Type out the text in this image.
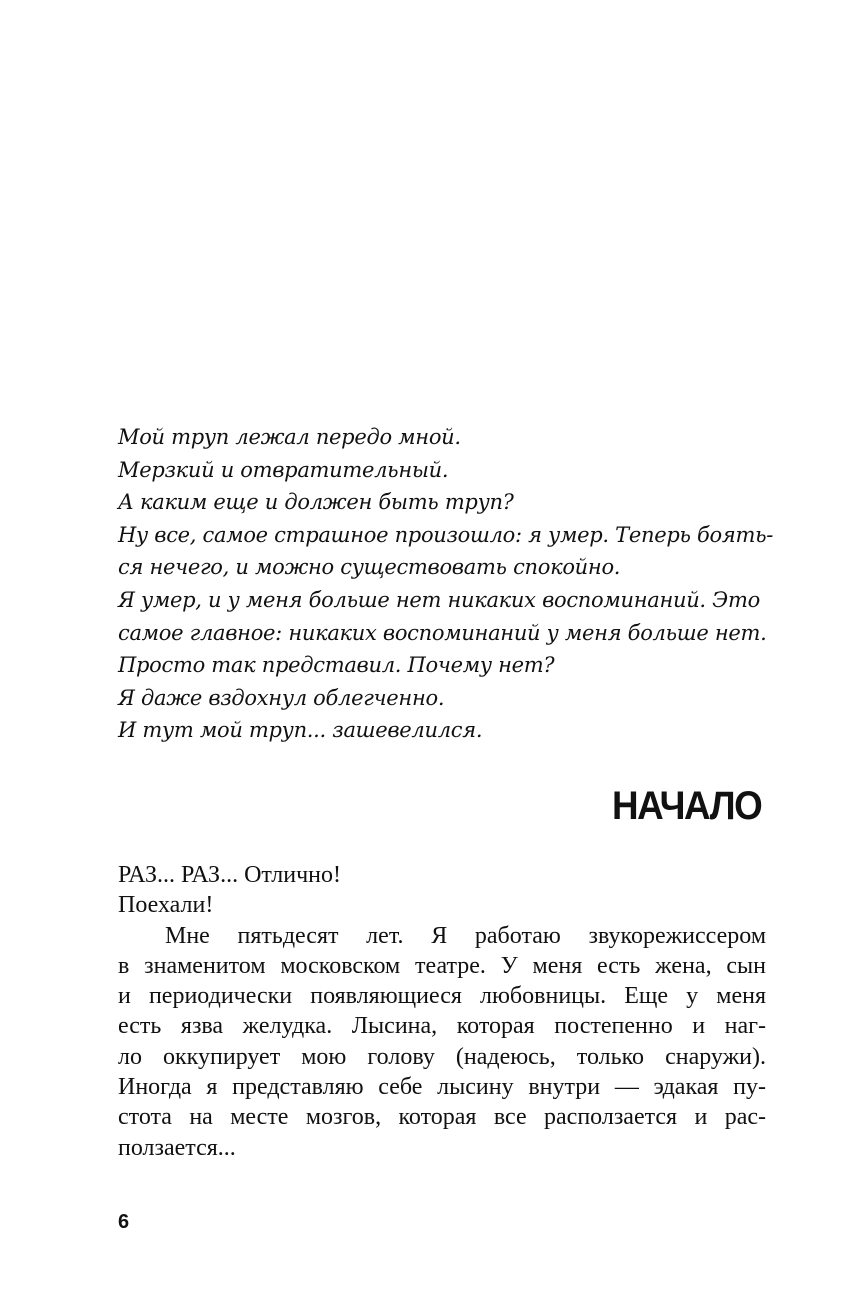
Мой труп лежал передо мной.
Мерзкий и отвратительный.
А каким еще и должен быть труп?
Ну все, самое страшное произошло: я умер. Теперь боять-
ся нечего, и можно существовать спокойно.
Я умер, и у меня больше нет никаких воспоминаний. Это
самое главное: никаких воспоминаний у меня больше нет.
Просто так представил. Почему нет?
Я даже вздохнул облегченно.
И тут мой труп... зашевелился.
НАЧАЛО
РАЗ... РАЗ... Отлично!
Поехали!
Мне пятьдесят лет. Я работаю звукорежиссером
в знаменитом московском театре. У меня есть жена, сын
и периодически появляющиеся любовницы. Еще у меня
есть язва желудка. Лысина, которая постепенно и наг-
ло оккупирует мою голову (надеюсь, только снаружи).
Иногда я представляю себе лысину внутри — эдакая пу-
стота на месте мозгов, которая все расползается и рас-
ползается...
6
